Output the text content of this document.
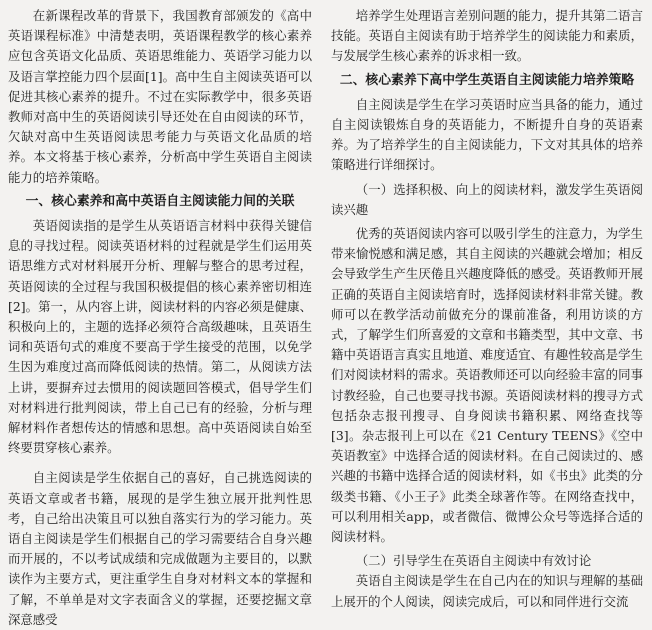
在新课程改革的背景下，我国教育部颁发的《高中英语课程标准》中清楚表明，英语课程教学的核心素养应包含英语文化品质、英语思维能力、英语学习能力以及语言掌控能力四个层面[1]。高中生自主阅读英语可以促进其核心素养的提升。不过在实际教学中，很多英语教师对高中生的英语阅读引导还处在自由阅读的环节，欠缺对高中生英语阅读思考能力与英语文化品质的培养。本文将基于核心素养，分析高中学生英语自主阅读能力的培养策略。

一、核心素养和高中英语自主阅读能力间的关联

英语阅读指的是学生从英语语言材料中获得关键信息的寻找过程。阅读英语材料的过程就是学生们运用英语思维方式对材料展开分析、理解与整合的思考过程，英语阅读的全过程与我国积极提倡的核心素养密切相连[2]。第一，从内容上讲，阅读材料的内容必须是健康、积极向上的，主题的选择必须符合高级趣味，且英语生词和英语句式的难度不要高于学生接受的范围，以免学生因为难度过高而降低阅读的热情。第二，从阅读方法上讲，要摒弃过去惯用的阅读题回答模式，倡导学生们对材料进行批判阅读，带上自己已有的经验，分析与理解材料作者想传达的情感和思想。高中英语阅读自始至终要贯穿核心素养。

自主阅读是学生依据自己的喜好，自己挑选阅读的英语文章或者书籍，展现的是学生独立展开批判性思考，自己给出决策且可以独自落实行为的学习能力。英语自主阅读是学生们根据自己的学习需要结合自身兴趣而开展的，不以考试成绩和完成做题为主要目的，以默读作为主要方式，更注重学生自身对材料文本的掌握和了解，不单单是对文字表面含义的掌握，还要挖掘文章深意感受

培养学生处理语言差别问题的能力，提升其第二语言技能。英语自主阅读有助于培养学生的阅读能力和素质，与发展学生核心素养的诉求相一致。

二、核心素养下高中学生英语自主阅读能力培养策略

自主阅读是学生在学习英语时应当具备的能力，通过自主阅读锻炼自身的英语能力，不断提升自身的英语素养。为了培养学生的自主阅读能力，下文对其具体的培养策略进行详细探讨。

（一）选择积极、向上的阅读材料，激发学生英语阅读兴趣

优秀的英语阅读内容可以吸引学生的注意力，为学生带来愉悦感和满足感，其自主阅读的兴趣就会增加；相反会导致学生产生厌倦且兴趣度降低的感受。英语教师开展正确的英语自主阅读培育时，选择阅读材料非常关键。教师可以在教学活动前做充分的课前准备，利用访谈的方式，了解学生们所喜爱的文章和书籍类型，其中文章、书籍中英语语言真实且地道、难度适宜、有趣性较高是学生们对阅读材料的需求。英语教师还可以向经验丰富的同事讨教经验，自己也要寻找书源。英语阅读材料的搜寻方式包括杂志报刊搜寻、自身阅读书籍积累、网络查找等[3]。杂志报刊上可以在《21 Century TEENS》《空中英语教室》中选择合适的阅读材料。在自己阅读过的、感兴趣的书籍中选择合适的阅读材料，如《书虫》此类的分级类书籍、《小王子》此类全球著作等。在网络查找中，可以利用相关app，或者微信、微博公众号等选择合适的阅读材料。

（二）引导学生在英语自主阅读中有效讨论

英语自主阅读是学生在自己内在的知识与理解的基础上展开的个人阅读，阅读完成后，可以和同伴进行交流
